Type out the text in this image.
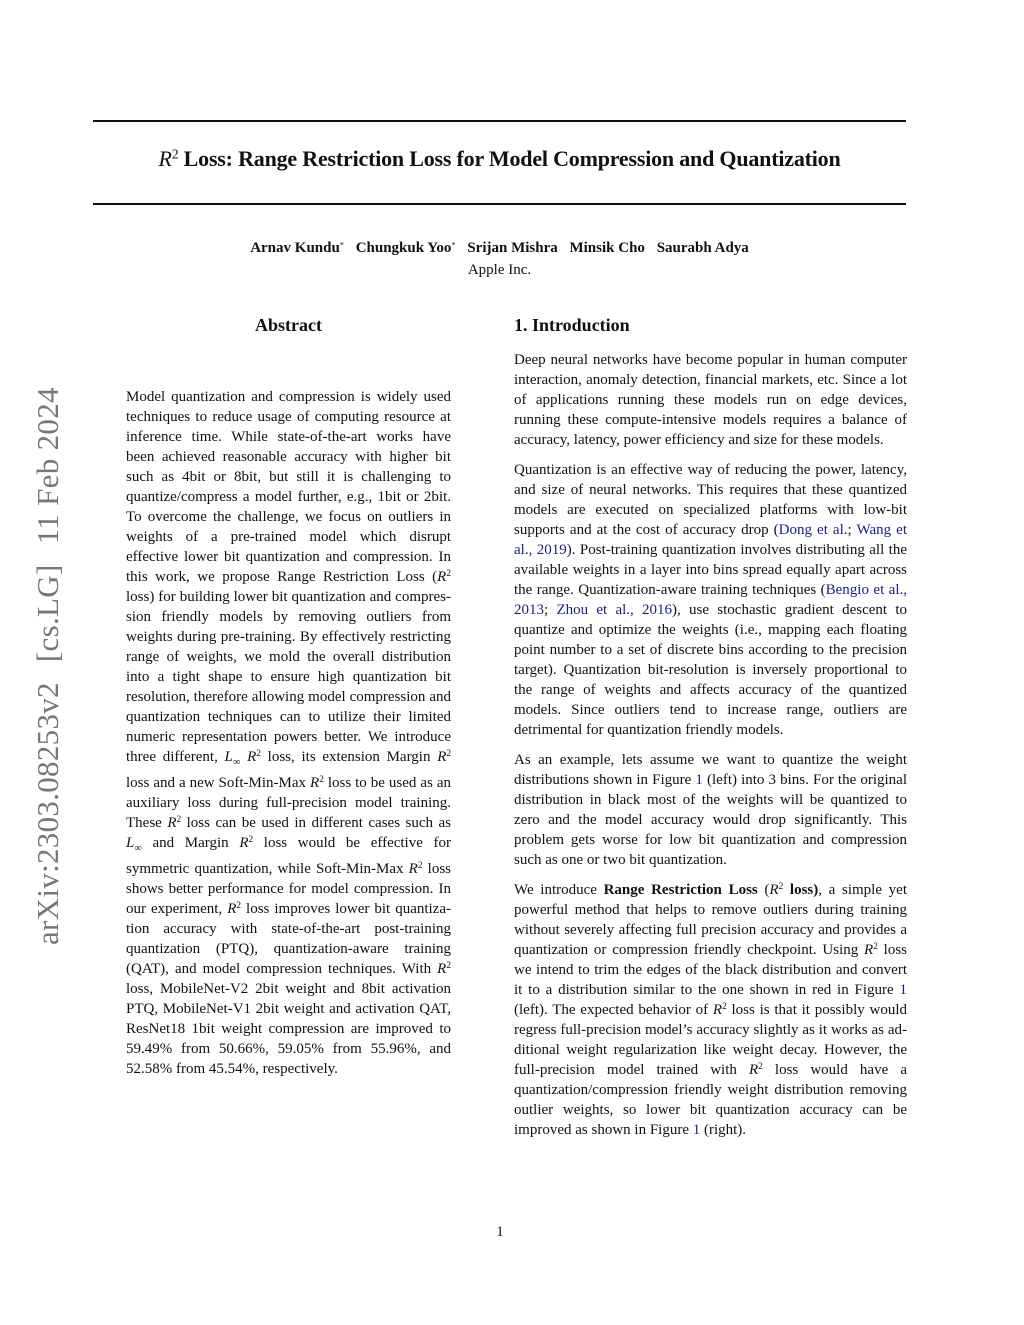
$R^2$ Loss: Range Restriction Loss for Model Compression and Quantization
Arnav Kundu* Chungkuk Yoo* Srijan Mishra Minsik Cho Saurabh Adya
Apple Inc.
arXiv:2303.08253v2 [cs.LG] 11 Feb 2024
Abstract	1. Introduction

Model quantization and compression is widely used techniques to reduce usage of computing resource at inference time. While state-of-the-art works have been achieved reasonable accuracy with higher bit such as 4bit or 8bit, but still it is challenging to quantize/compress a model further, e.g., 1bit or 2bit. To overcome the challenge, we focus on outliers in weights of a pre-trained model which disrupt effective lower bit quantization and compression. In this work, we propose Range Restriction Loss ($R^2$ loss) for building lower bit quantization and compression friendly models by removing outliers from weights during pre-training. By effectively restricting range of weights, we mold the overall distribution into a tight shape to ensure high quantization bit resolution, therefore allowing model compression and quantization techniques can to utilize their limited numeric representation powers better. We introduce three different, $L_\infty$ $R^2$ loss, its extension Margin $R^2$ loss and a new Soft-Min-Max $R^2$ loss to be used as an auxiliary loss during full-precision model training. These $R^2$ loss can be used in different cases such as $L_\infty$ and Margin $R^2$ loss would be effective for symmetric quantization, while Soft-Min-Max $R^2$ loss shows better performance for model compression. In our experiment, $R^2$ loss improves lower bit quantization accuracy with state-of-the-art post-training quantization (PTQ), quantization-aware training (QAT), and model compression techniques. With $R^2$ loss, MobileNet-V2 2bit weight and 8bit activation PTQ, MobileNet-V1 2bit weight and activation QAT, ResNet18 1bit weight compression are improved to 59.49% from 50.66%, 59.05% from 55.96%, and 52.58% from 45.54%, respectively.

Deep neural networks have become popular in human computer interaction, anomaly detection, financial markets, etc. Since a lot of applications running these models run on edge devices, running these compute-intensive models requires a balance of accuracy, latency, power efficiency and size for these models.

Quantization is an effective way of reducing the power, latency, and size of neural networks. This requires that these quantized models are executed on specialized platforms with low-bit supports and at the cost of accuracy drop (Dong et al.; Wang et al., 2019). Post-training quantization involves distributing all the available weights in a layer into bins spread equally apart across the range. Quantization-aware training techniques (Bengio et al., 2013; Zhou et al., 2016), use stochastic gradient descent to quantize and optimize the weights (i.e., mapping each floating point number to a set of discrete bins according to the precision target). Quantization bit-resolution is inversely proportional to the range of weights and affects accuracy of the quantized models. Since outliers tend to increase range, outliers are detrimental for quantization friendly models.

As an example, lets assume we want to quantize the weight distributions shown in Figure 1 (left) into 3 bins. For the original distribution in black most of the weights will be quantized to zero and the model accuracy would drop significantly. This problem gets worse for low bit quantization and compression such as one or two bit quantization.

We introduce Range Restriction Loss ($R^2$ loss), a simple yet powerful method that helps to remove outliers during training without severely affecting full precision accuracy and provides a quantization or compression friendly checkpoint. Using $R^2$ loss we intend to trim the edges of the black distribution and convert it to a distribution similar to the one shown in red in Figure 1 (left). The expected behavior of $R^2$ loss is that it possibly would regress full-precision model’s accuracy slightly as it works as additional weight regularization like weight decay. However, the full-precision model trained with $R^2$ loss would have a quantization/compression friendly weight distribution removing outlier weights, so lower bit quantization accuracy can be improved as shown in Figure 1 (right).

1
